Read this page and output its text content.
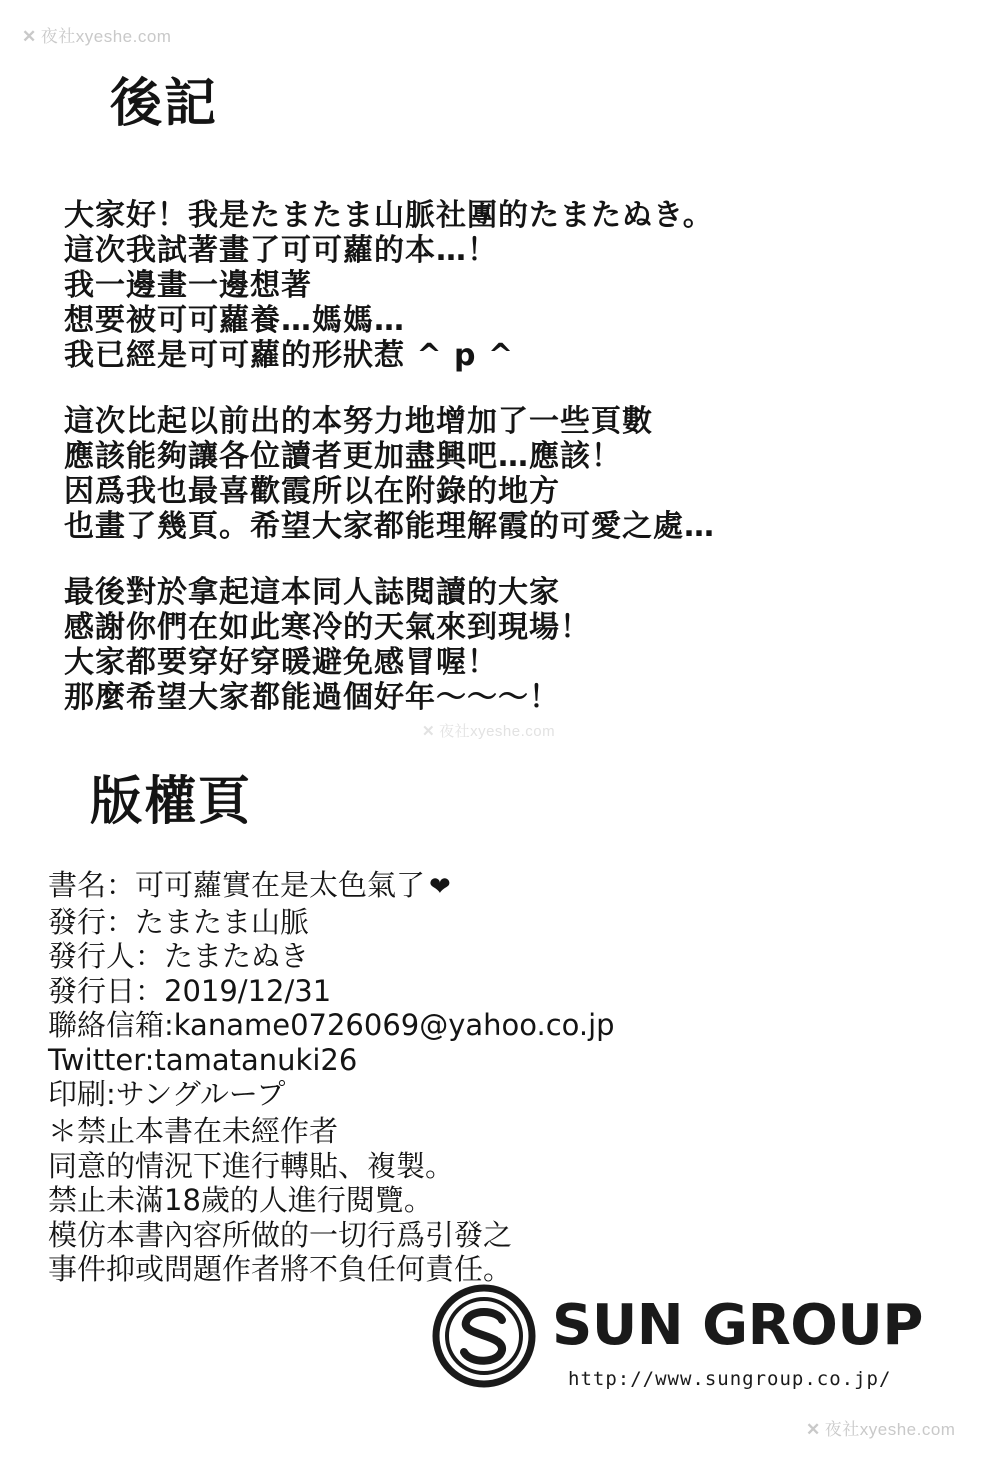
✕ 夜社xyeshe.com
✕ 夜社xyeshe.com
✕ 夜社xyeshe.com
後記
大家好！我是たまたま山脈社團的たまたぬき。
這次我試著畫了可可蘿的本…！
我一邊畫一邊想著
想要被可可蘿養…媽媽…
我已經是可可蘿的形狀惹 ^ p ^
這次比起以前出的本努力地增加了一些頁數
應該能夠讓各位讀者更加盡興吧…應該！
因爲我也最喜歡霞所以在附錄的地方
也畫了幾頁。希望大家都能理解霞的可愛之處…
最後對於拿起這本同人誌閱讀的大家
感謝你們在如此寒冷的天氣來到現場！
大家都要穿好穿暖避免感冒喔！
那麼希望大家都能過個好年～～～！
版權頁
書名：可可蘿實在是太色氣了 ❤
發行：たまたま山脈
發行人：たまたぬき
發行日：2019/12/31
聯絡信箱:kaname0726069@yahoo.co.jp
Twitter:tamatanuki26
印刷:サングループ
＊禁止本書在未經作者
同意的情況下進行轉貼、複製。
禁止未滿18歲的人進行閱覽。
模仿本書內容所做的一切行爲引發之
事件抑或問題作者將不負任何責任。
SUN GROUP
http://www.sungroup.co.jp/
